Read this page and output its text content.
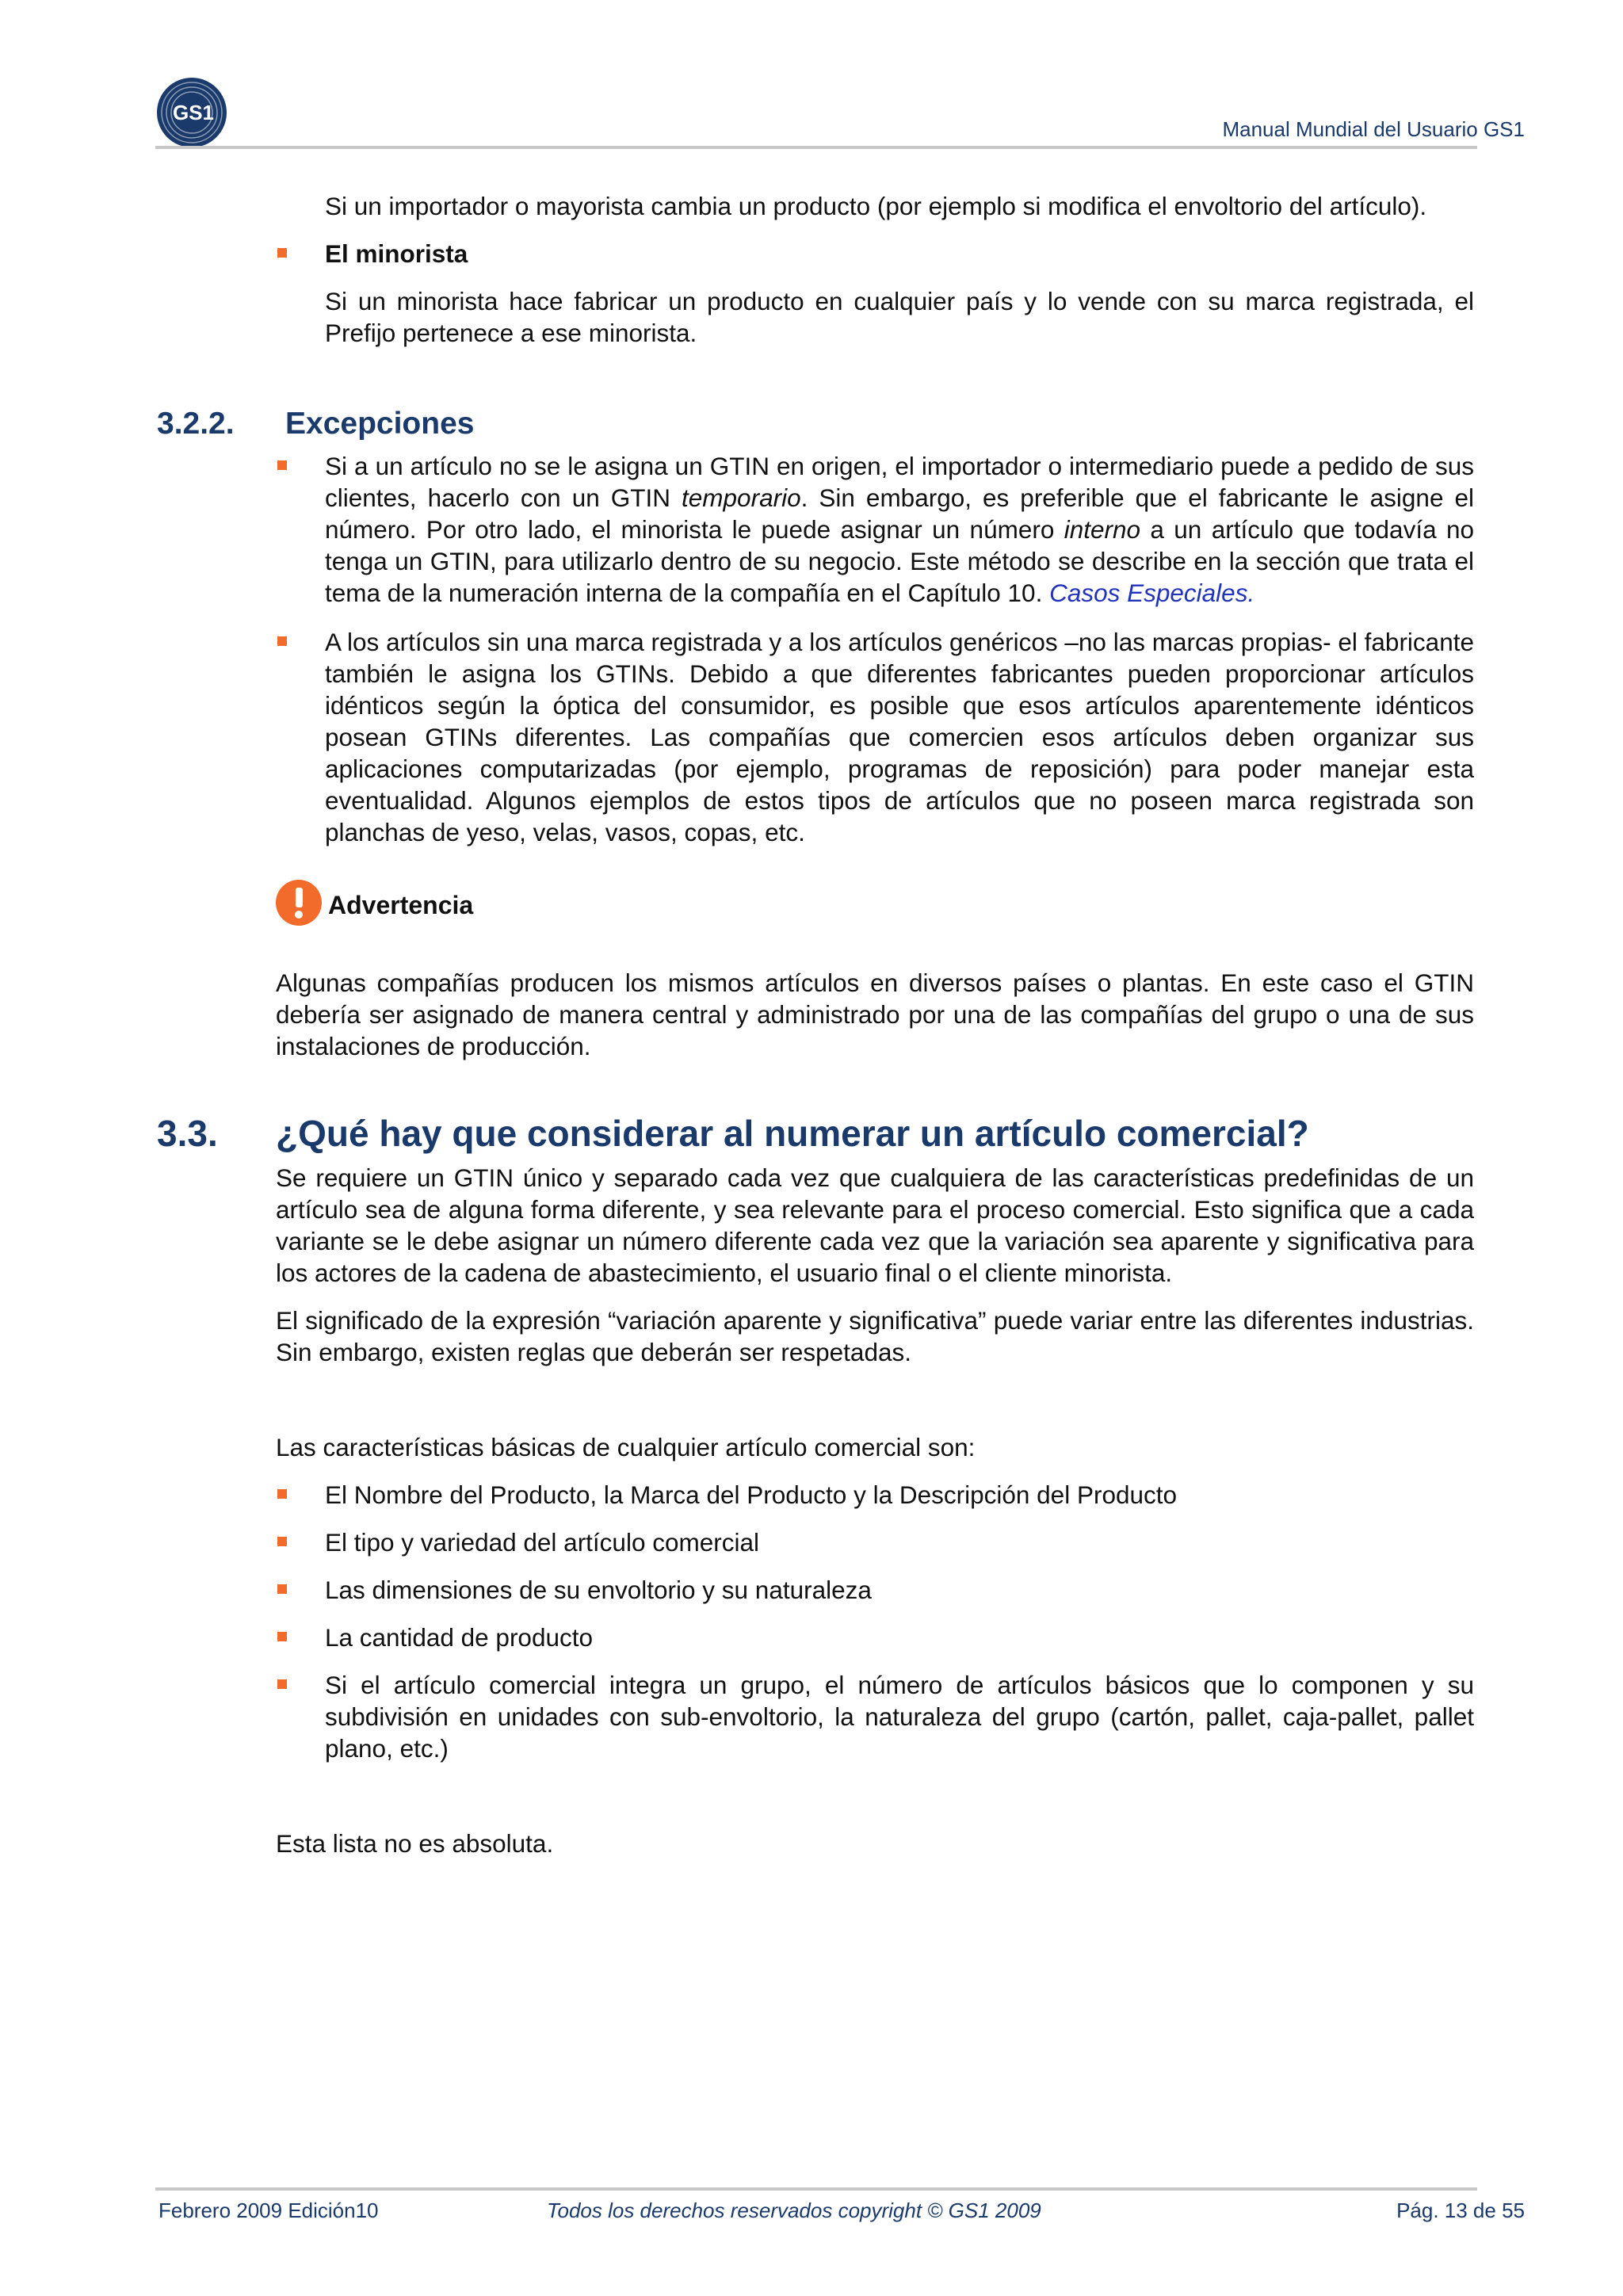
GS1
Manual Mundial del Usuario GS1

Si un importador o mayorista cambia un producto (por ejemplo si modifica el envoltorio del artículo).

El minorista

Si un minorista hace fabricar un producto en cualquier país y lo vende con su marca registrada, el Prefijo pertenece a ese minorista.

3.2.2. Excepciones

Si a un artículo no se le asigna un GTIN en origen, el importador o intermediario puede a pedido de sus clientes, hacerlo con un GTIN temporario. Sin embargo, es preferible que el fabricante le asigne el número. Por otro lado, el minorista le puede asignar un número interno a un artículo que todavía no tenga un GTIN, para utilizarlo dentro de su negocio. Este método se describe en la sección que trata el tema de la numeración interna de la compañía en el Capítulo 10. Casos Especiales.

A los artículos sin una marca registrada y a los artículos genéricos –no las marcas propias- el fabricante también le asigna los GTINs. Debido a que diferentes fabricantes pueden proporcionar artículos idénticos según la óptica del consumidor, es posible que esos artículos aparentemente idénticos posean GTINs diferentes. Las compañías que comercien esos artículos deben organizar sus aplicaciones computarizadas (por ejemplo, programas de reposición) para poder manejar esta eventualidad. Algunos ejemplos de estos tipos de artículos que no poseen marca registrada son planchas de yeso, velas, vasos, copas, etc.

Advertencia

Algunas compañías producen los mismos artículos en diversos países o plantas. En este caso el GTIN debería ser asignado de manera central y administrado por una de las compañías del grupo o una de sus instalaciones de producción.

3.3. ¿Qué hay que considerar al numerar un artículo comercial?

Se requiere un GTIN único y separado cada vez que cualquiera de las características predefinidas de un artículo sea de alguna forma diferente, y sea relevante para el proceso comercial. Esto significa que a cada variante se le debe asignar un número diferente cada vez que la variación sea aparente y significativa para los actores de la cadena de abastecimiento, el usuario final o el cliente minorista.

El significado de la expresión “variación aparente y significativa” puede variar entre las diferentes industrias. Sin embargo, existen reglas que deberán ser respetadas.

Las características básicas de cualquier artículo comercial son:

El Nombre del Producto, la Marca del Producto y la Descripción del Producto

El tipo y variedad del artículo comercial

Las dimensiones de su envoltorio y su naturaleza

La cantidad de producto

Si el artículo comercial integra un grupo, el número de artículos básicos que lo componen y su subdivisión en unidades con sub-envoltorio, la naturaleza del grupo (cartón, pallet, caja-pallet, pallet plano, etc.)

Esta lista no es absoluta.

Febrero 2009 Edición10	Todos los derechos reservados copyright © GS1 2009	Pág. 13 de 55
